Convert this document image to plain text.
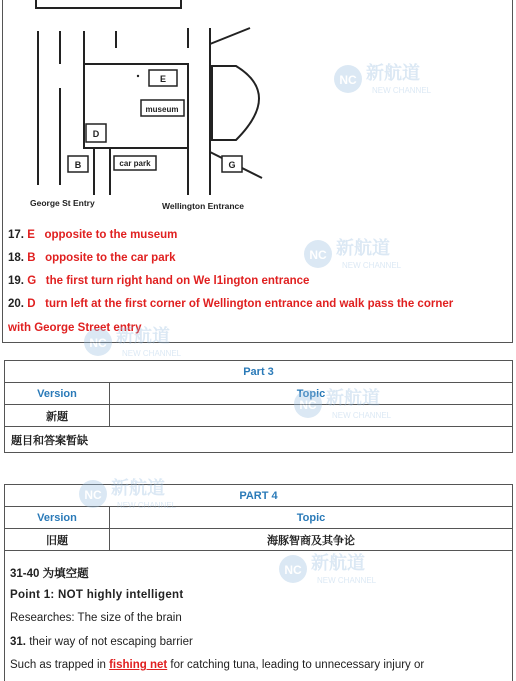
E
museum
D
B	car park	G
George St Entry	Wellington Entrance
17. E opposite to the museum
18. B opposite to the car park
19. G the first turn right hand on We l1ington entrance
20. D turn left at the first corner of Wellington entrance and walk pass the corner
with George Street entry
Part 3	
Version	Topic
新题	
题目和答案暂缺	
PART 4	
Version	Topic
旧题	海豚智商及其争论
31-40 为填空题
Point 1: NOT highly intelligent
Researches: The size of the brain
31. their way of not escaping barrier
Such as trapped in fishing net for catching tuna, leading to unnecessary injury or
NC 新航道
NEW CHANNEL
NC 新航道
NEW CHANNEL
NC 新航道
NEW CHANNEL
NC 新航道
NEW CHANNEL
NC 新航道
NEW CHANNEL
NC 新航道
NEW CHANNEL
